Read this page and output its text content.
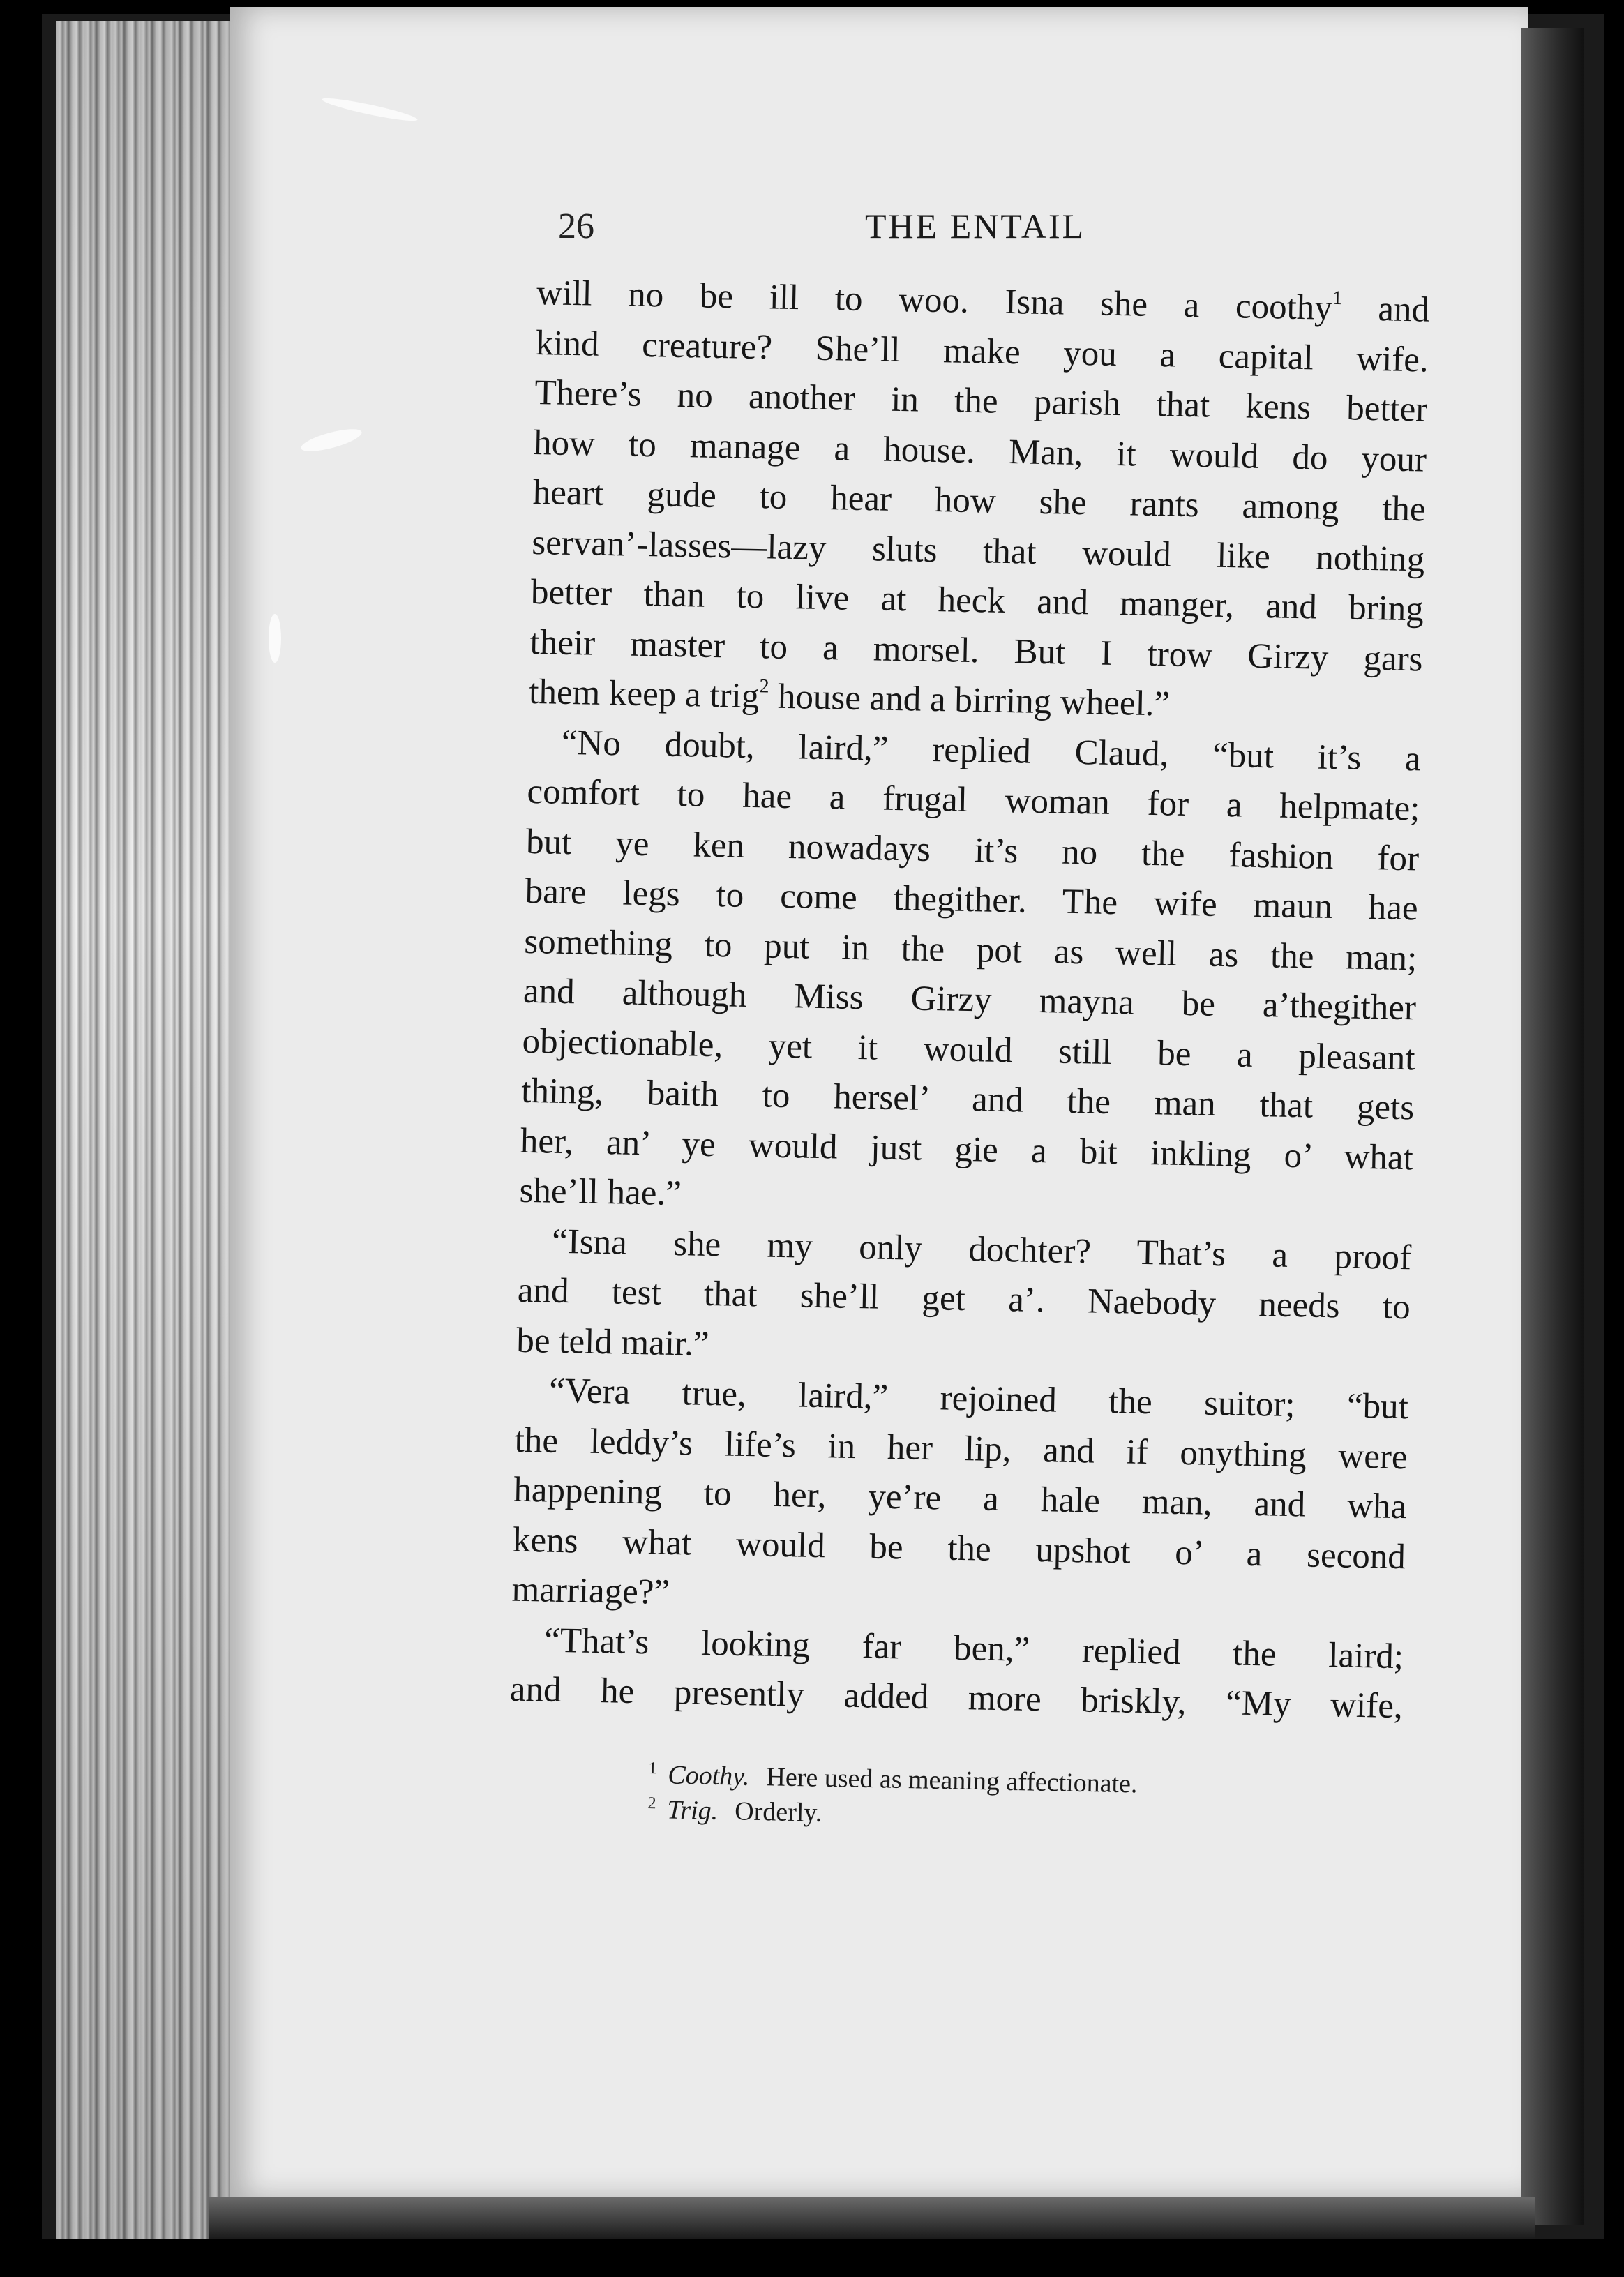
26	THE ENTAIL
will no be ill to woo. Isna she a coothy$^1$ and
kind creature? She’ll make you a capital wife.
There’s no another in the parish that kens better
how to manage a house. Man, it would do your
heart gude to hear how she rants among the
servan’-lasses—lazy sluts that would like nothing
better than to live at heck and manger, and bring
their master to a morsel. But I trow Girzy gars
them keep a trig$^2$ house and a birring wheel.”
“No doubt, laird,” replied Claud, “but it’s a
comfort to hae a frugal woman for a helpmate;
but ye ken nowadays it’s no the fashion for
bare legs to come thegither. The wife maun hae
something to put in the pot as well as the man;
and although Miss Girzy mayna be a’thegither
objectionable, yet it would still be a pleasant
thing, baith to hersel’ and the man that gets
her, an’ ye would just gie a bit inkling o’ what
she’ll hae.”
“Isna she my only dochter? That’s a proof
and test that she’ll get a’. Naebody needs to
be teld mair.”
“Vera true, laird,” rejoined the suitor; “but
the leddy’s life’s in her lip, and if onything were
happening to her, ye’re a hale man, and wha
kens what would be the upshot o’ a second
marriage?”
“That’s looking far ben,” replied the laird;
and he presently added more briskly, “My wife,
$^1$ Coothy. Here used as meaning affectionate.
$^2$ Trig. Orderly.
